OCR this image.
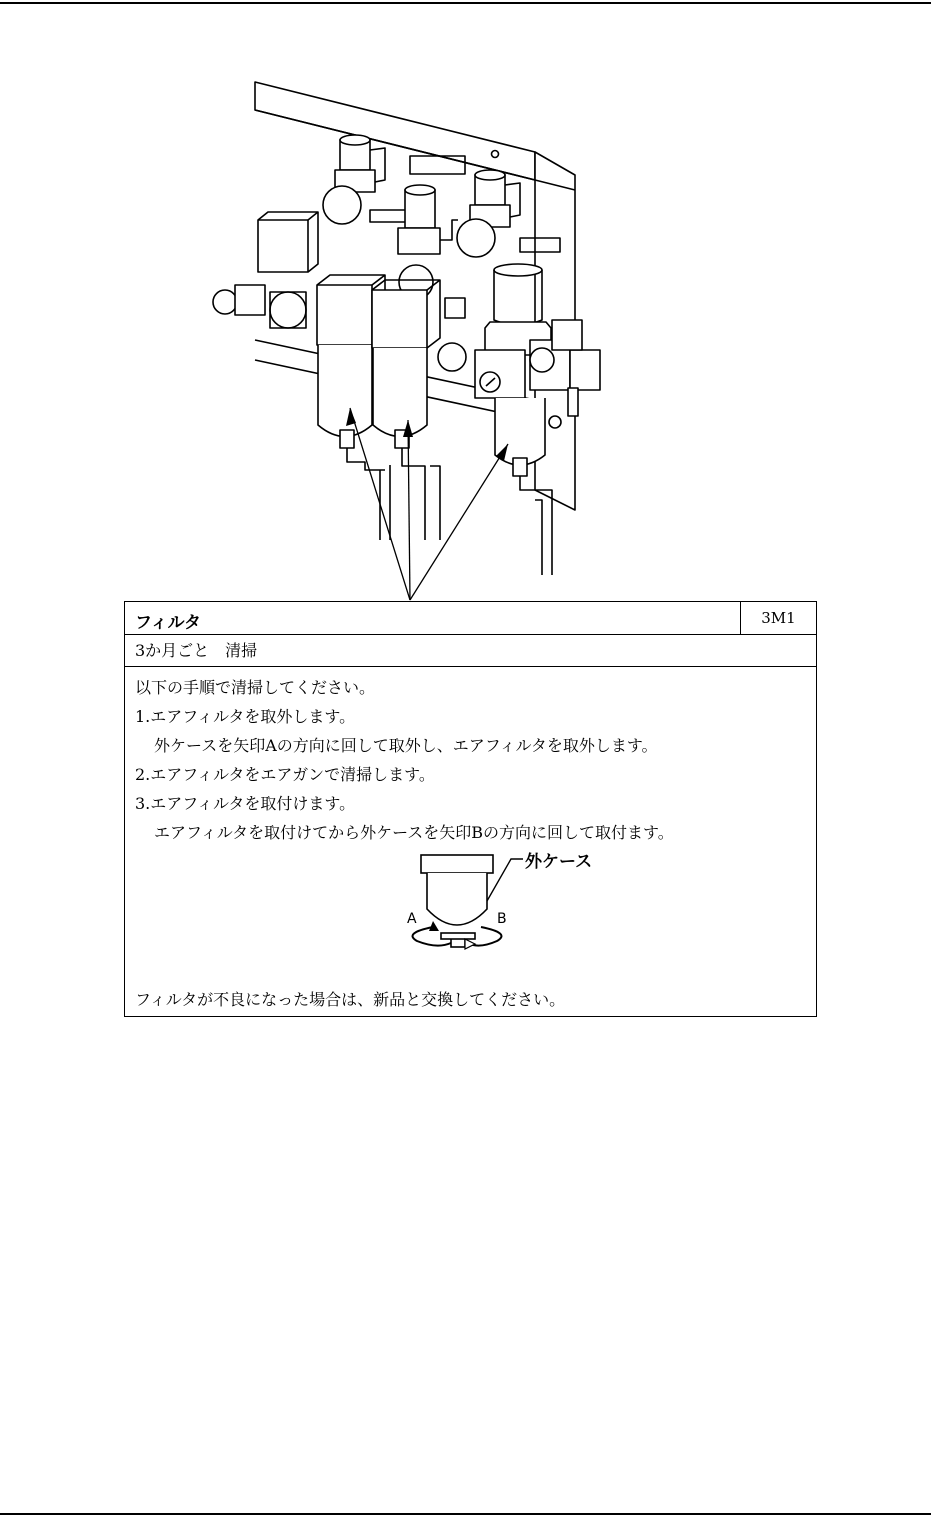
フィルタ	3M1
3か月ごと　清掃
以下の手順で清掃してください。
1.エアフィルタを取外します。
外ケースを矢印Aの方向に回して取外し、エアフィルタを取外します。
2.エアフィルタをエアガンで清掃します。
3.エアフィルタを取付けます。
エアフィルタを取付けてから外ケースを矢印Bの方向に回して取付ます。
外ケース
A	B
フィルタが不良になった場合は、新品と交換してください。
